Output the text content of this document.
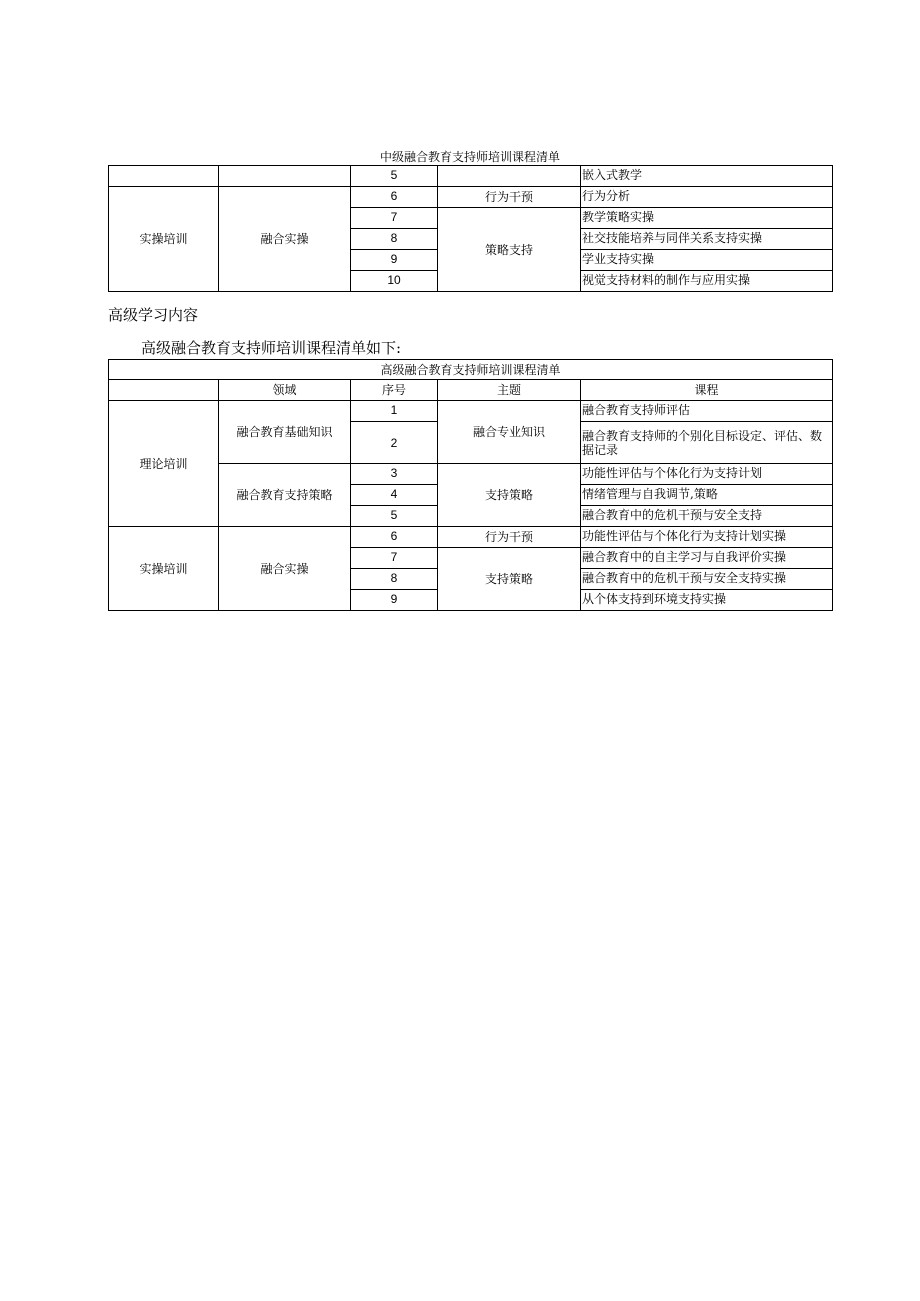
中级融合教育支持师培训课程清单
		5		嵌入式教学
实操培训	融合实操	6	行为干预	行为分析
		7	策略支持	教学策略实操
		8		社交技能培养与同伴关系支持实操
		9		学业支持实操
		10		视觉支持材料的制作与应用实操
高级学习内容
高级融合教育支持师培训课程清单如下:
高级融合教育支持师培训课程清单				
	领域	序号	主题	课程
理论培训	融合教育基础知识	1	融合专业知识	融合教育支持师评估
		2		融合教育支持师的个别化目标设定、评估、数据记录
	融合教育支持策略	3	支持策略	功能性评估与个体化行为支持计划
		4		情绪管理与自我调节,策略
		5		融合教育中的危机干预与安全支持
实操培训	融合实操	6	行为干预	功能性评估与个体化行为支持计划实操
		7	支持策略	融合教育中的自主学习与自我评价实操
		8		融合教育中的危机干预与安全支持实操
		9		从个体支持到环境支持实操
